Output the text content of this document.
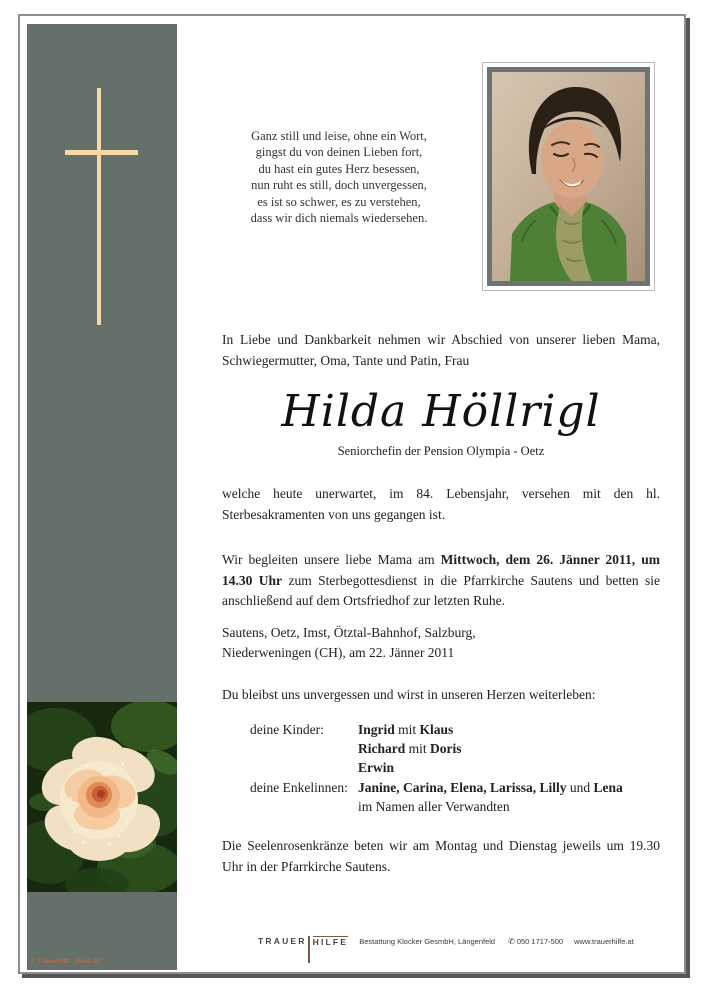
© Trauerhilfe „Rose 10“
Ganz still und leise, ohne ein Wort,
gingst du von deinen Lieben fort,
du hast ein gutes Herz besessen,
nun ruht es still, doch unvergessen,
es ist so schwer, es zu verstehen,
dass wir dich niemals wiedersehen.
In Liebe und Dankbarkeit nehmen wir Abschied von unserer lieben Mama, Schwiegermutter, Oma, Tante und Patin, Frau
Hilda Höllrigl
Seniorchefin der Pension Olympia - Oetz
welche heute unerwartet, im 84. Lebensjahr, versehen mit den hl. Sterbesakramenten von uns gegangen ist.
Wir begleiten unsere liebe Mama am Mittwoch, dem 26. Jänner 2011, um 14.30 Uhr zum Sterbegottesdienst in die Pfarrkirche Sautens und betten sie anschließend auf dem Ortsfriedhof zur letzten Ruhe.
Sautens, Oetz, Imst, Ötztal-Bahnhof, Salzburg,
Niederweningen (CH), am 22. Jänner 2011
Du bleibst uns unvergessen und wirst in unseren Herzen weiterleben:
deine Kinder:	Ingrid mit Klaus
Richard mit Doris
Erwin
deine Enkelinnen: Janine, Carina, Elena, Larissa, Lilly und Lena
im Namen aller Verwandten
Die Seelenrosenkränze beten wir am Montag und Dienstag jeweils um 19.30 Uhr in der Pfarrkirche Sautens.
TRAUER HILFE Bestattung Klocker GesmbH, Längenfeld ✆ 050 1717-500 www.trauerhilfe.at
